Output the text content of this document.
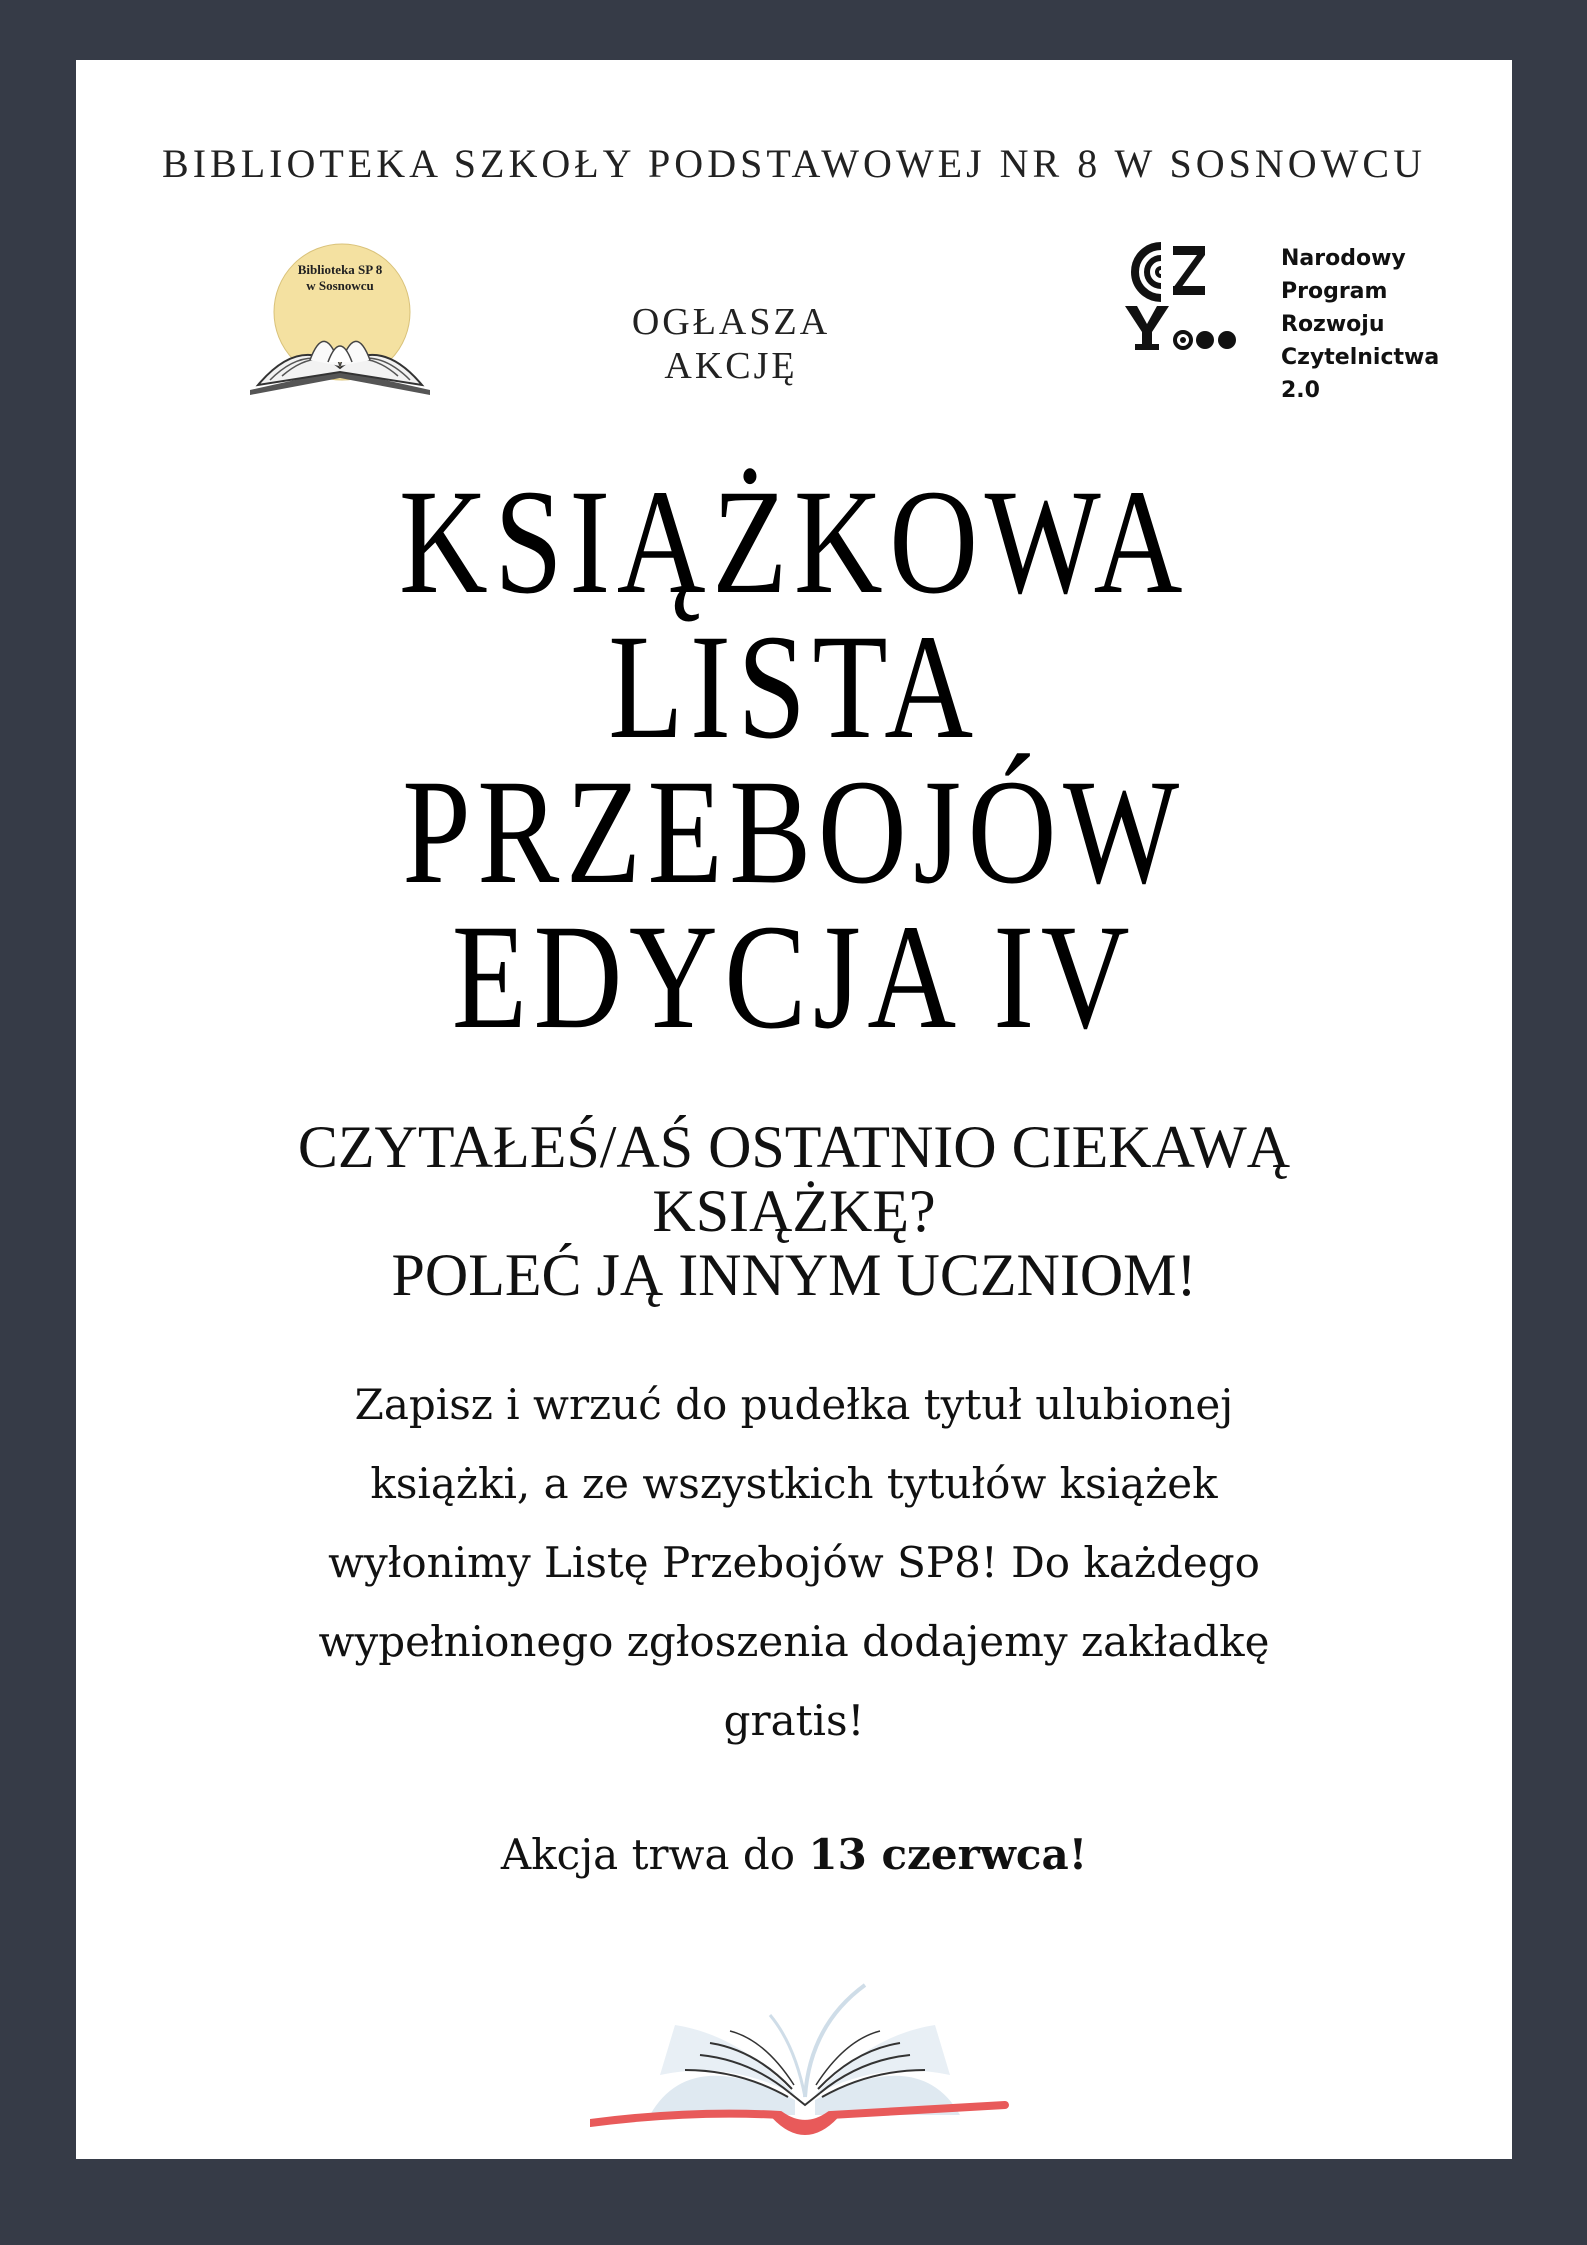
BIBLIOTEKA SZKOŁY PODSTAWOWEJ NR 8 W SOSNOWCU
Biblioteka SP 8
w Sosnowcu
OGŁASZA AKCJĘ
Narodowy
Program
Rozwoju
Czytelnictwa
2.0
KSIĄŻKOWA
LISTA
PRZEBOJÓW
EDYCJA IV
CZYTAŁEŚ/AŚ OSTATNIO CIEKAWĄ
KSIĄŻKĘ?
POLEĆ JĄ INNYM UCZNIOM!
Zapisz i wrzuć do pudełka tytuł ulubionej
książki, a ze wszystkich tytułów książek
wyłonimy Listę Przebojów SP8! Do każdego
wypełnionego zgłoszenia dodajemy zakładkę
gratis!
Akcja trwa do 13 czerwca!
